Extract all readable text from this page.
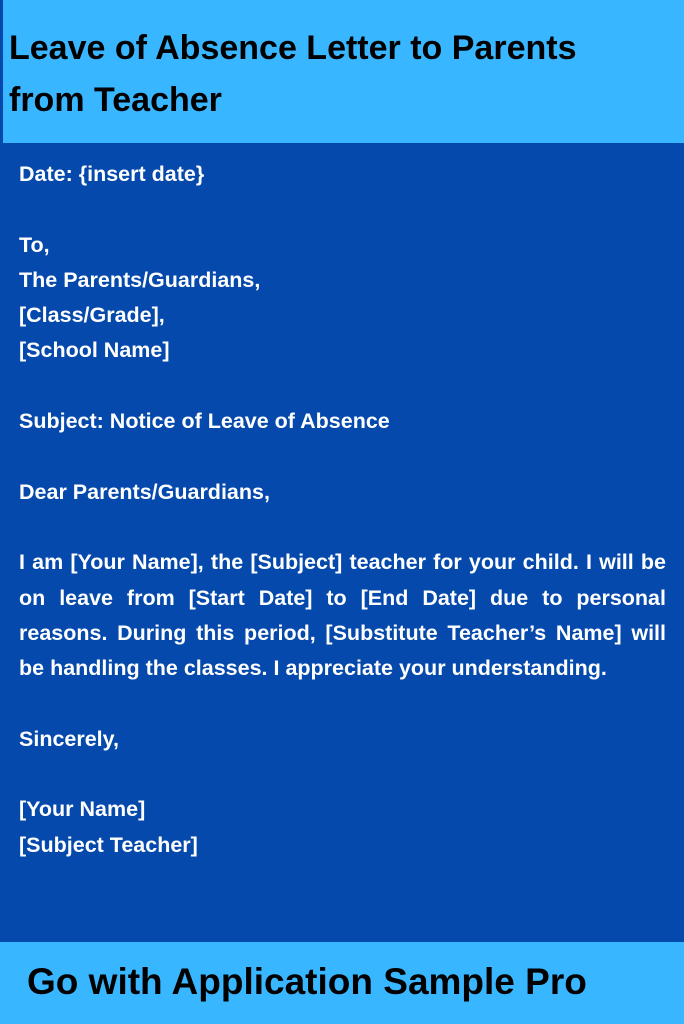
Leave of Absence Letter to Parents
from Teacher
Date: {insert date}
To,
The Parents/Guardians,
[Class/Grade],
[School Name]
Subject: Notice of Leave of Absence
Dear Parents/Guardians,
I am [Your Name], the [Subject] teacher for your child. I will be on leave from [Start Date] to [End Date] due to personal reasons. During this period, [Substitute Teacher’s Name] will be handling the classes. I appreciate your understanding.
Sincerely,
[Your Name]
[Subject Teacher]

Go with Application Sample Pro
